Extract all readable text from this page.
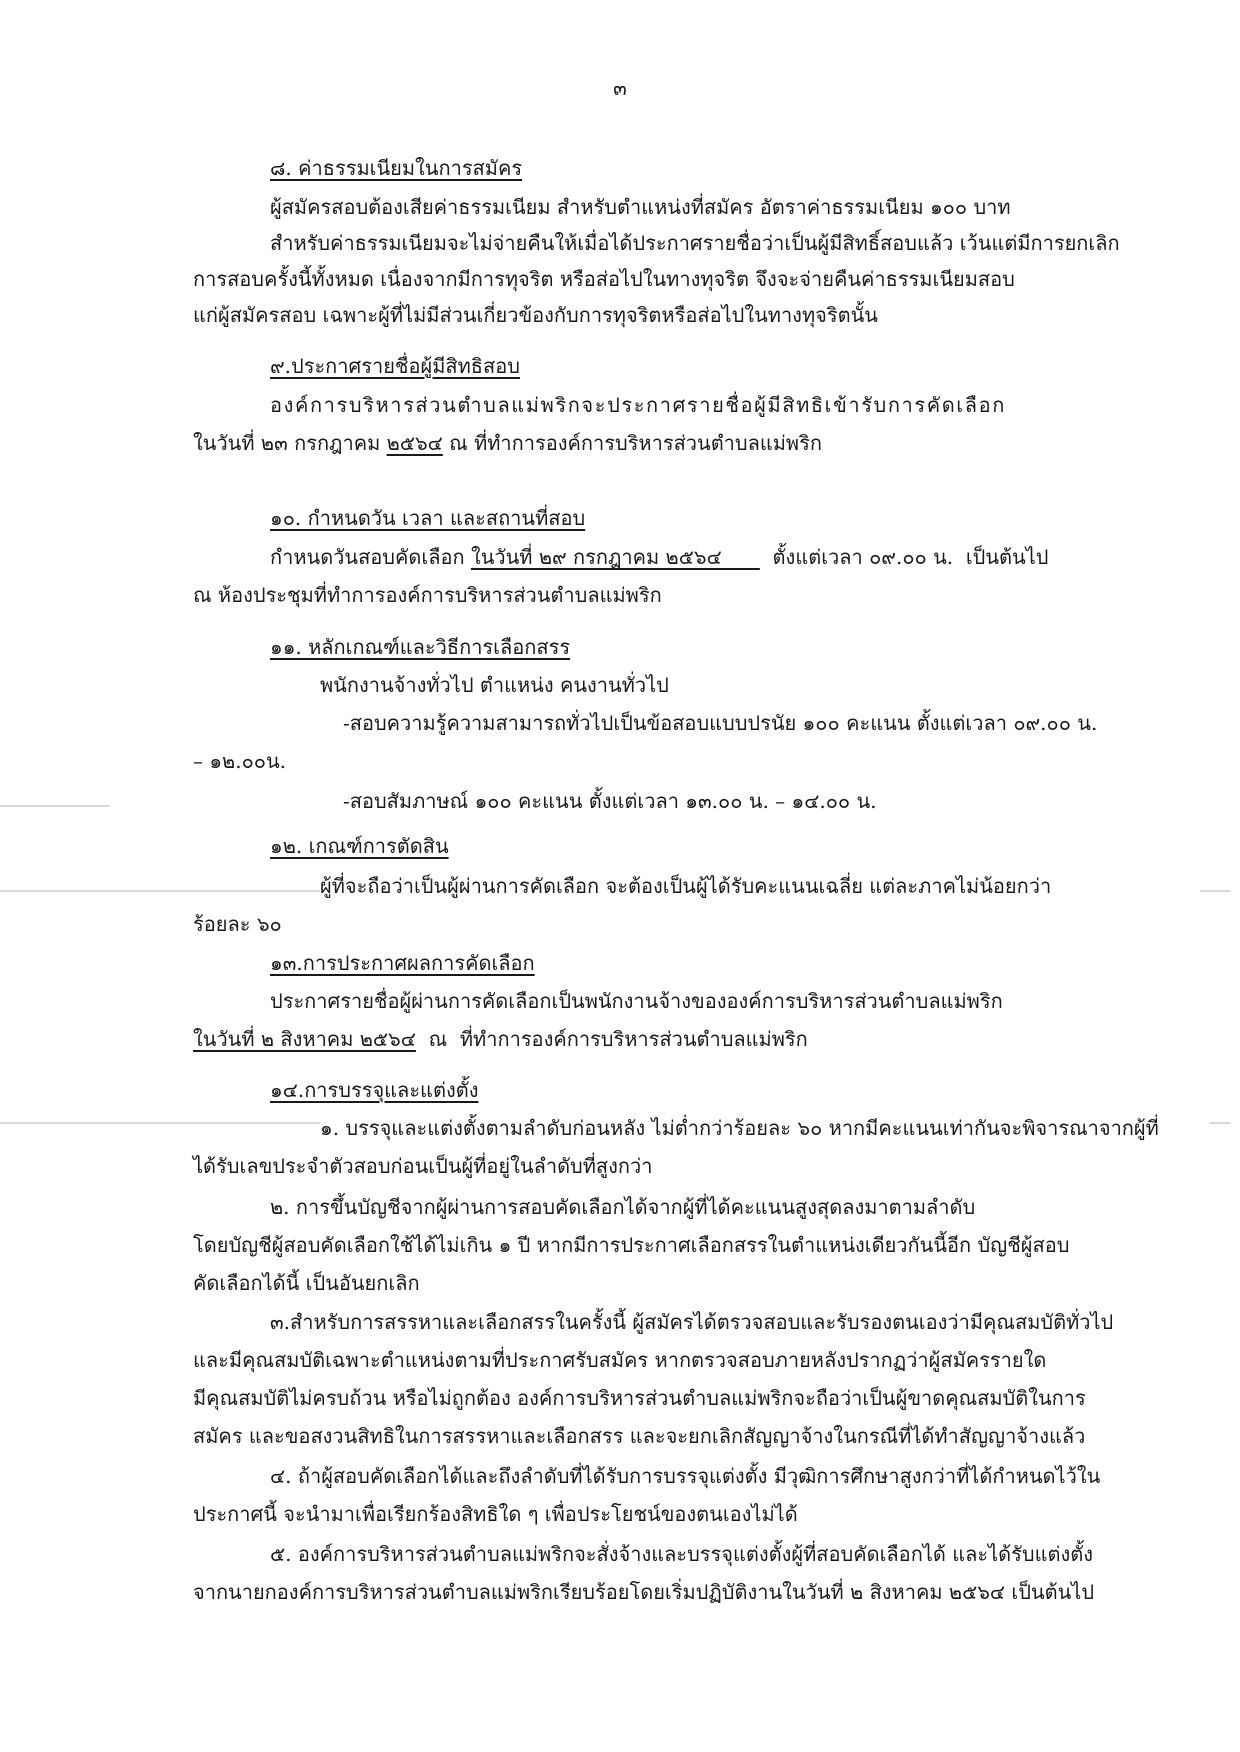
๓
๘. ค่าธรรมเนียมในการสมัคร
ผู้สมัครสอบต้องเสียค่าธรรมเนียม สำหรับตำแหน่งที่สมัคร อัตราค่าธรรมเนียม ๑๐๐ บาท
สำหรับค่าธรรมเนียมจะไม่จ่ายคืนให้เมื่อได้ประกาศรายชื่อว่าเป็นผู้มีสิทธิ์สอบแล้ว เว้นแต่มีการยกเลิก
การสอบครั้งนี้ทั้งหมด เนื่องจากมีการทุจริต หรือส่อไปในทางทุจริต จึงจะจ่ายคืนค่าธรรมเนียมสอบ
แก่ผู้สมัครสอบ เฉพาะผู้ที่ไม่มีส่วนเกี่ยวข้องกับการทุจริตหรือส่อไปในทางทุจริตนั้น
๙.ประกาศรายชื่อผู้มีสิทธิสอบ
องค์การบริหารส่วนตำบลแม่พริกจะประกาศรายชื่อผู้มีสิทธิเข้ารับการคัดเลือก
ในวันที่ ๒๓ กรกฎาคม ๒๕๖๔ ณ ที่ทำการองค์การบริหารส่วนตำบลแม่พริก
๑๐. กำหนดวัน เวลา และสถานที่สอบ
กำหนดวันสอบคัดเลือก ในวันที่ ๒๙ กรกฎาคม ๒๕๖๔        ตั้งแต่เวลา ๐๙.๐๐ น.  เป็นต้นไป
ณ ห้องประชุมที่ทำการองค์การบริหารส่วนตำบลแม่พริก
๑๑. หลักเกณฑ์และวิธีการเลือกสรร
พนักงานจ้างทั่วไป ตำแหน่ง คนงานทั่วไป
-สอบความรู้ความสามารถทั่วไปเป็นข้อสอบแบบปรนัย ๑๐๐ คะแนน ตั้งแต่เวลา ๐๙.๐๐ น.
– ๑๒.๐๐น.
-สอบสัมภาษณ์ ๑๐๐ คะแนน ตั้งแต่เวลา ๑๓.๐๐ น. – ๑๔.๐๐ น.
๑๒. เกณฑ์การตัดสิน
ผู้ที่จะถือว่าเป็นผู้ผ่านการคัดเลือก จะต้องเป็นผู้ได้รับคะแนนเฉลี่ย แต่ละภาคไม่น้อยกว่า
ร้อยละ ๖๐
๑๓.การประกาศผลการคัดเลือก
ประกาศรายชื่อผู้ผ่านการคัดเลือกเป็นพนักงานจ้างขององค์การบริหารส่วนตำบลแม่พริก
ในวันที่ ๒ สิงหาคม ๒๕๖๔  ณ  ที่ทำการองค์การบริหารส่วนตำบลแม่พริก
๑๔.การบรรจุและแต่งตั้ง
๑. บรรจุและแต่งตั้งตามลำดับก่อนหลัง ไม่ต่ำกว่าร้อยละ ๖๐ หากมีคะแนนเท่ากันจะพิจารณาจากผู้ที่
ได้รับเลขประจำตัวสอบก่อนเป็นผู้ที่อยู่ในลำดับที่สูงกว่า
๒. การขึ้นบัญชีจากผู้ผ่านการสอบคัดเลือกได้จากผู้ที่ได้คะแนนสูงสุดลงมาตามลำดับ
โดยบัญชีผู้สอบคัดเลือกใช้ได้ไม่เกิน ๑ ปี หากมีการประกาศเลือกสรรในตำแหน่งเดียวกันนี้อีก บัญชีผู้สอบ
คัดเลือกได้นี้ เป็นอันยกเลิก
๓.สำหรับการสรรหาและเลือกสรรในครั้งนี้ ผู้สมัครได้ตรวจสอบและรับรองตนเองว่ามีคุณสมบัติทั่วไป
และมีคุณสมบัติเฉพาะตำแหน่งตามที่ประกาศรับสมัคร หากตรวจสอบภายหลังปรากฏว่าผู้สมัครรายใด
มีคุณสมบัติไม่ครบถ้วน หรือไม่ถูกต้อง องค์การบริหารส่วนตำบลแม่พริกจะถือว่าเป็นผู้ขาดคุณสมบัติในการ
สมัคร และขอสงวนสิทธิในการสรรหาและเลือกสรร และจะยกเลิกสัญญาจ้างในกรณีที่ได้ทำสัญญาจ้างแล้ว
๔. ถ้าผู้สอบคัดเลือกได้และถึงลำดับที่ได้รับการบรรจุแต่งตั้ง มีวุฒิการศึกษาสูงกว่าที่ได้กำหนดไว้ใน
ประกาศนี้ จะนำมาเพื่อเรียกร้องสิทธิใด ๆ เพื่อประโยชน์ของตนเองไม่ได้
๕. องค์การบริหารส่วนตำบลแม่พริกจะสั่งจ้างและบรรจุแต่งตั้งผู้ที่สอบคัดเลือกได้ และได้รับแต่งตั้ง
จากนายกองค์การบริหารส่วนตำบลแม่พริกเรียบร้อยโดยเริ่มปฏิบัติงานในวันที่ ๒ สิงหาคม ๒๕๖๔ เป็นต้นไป
